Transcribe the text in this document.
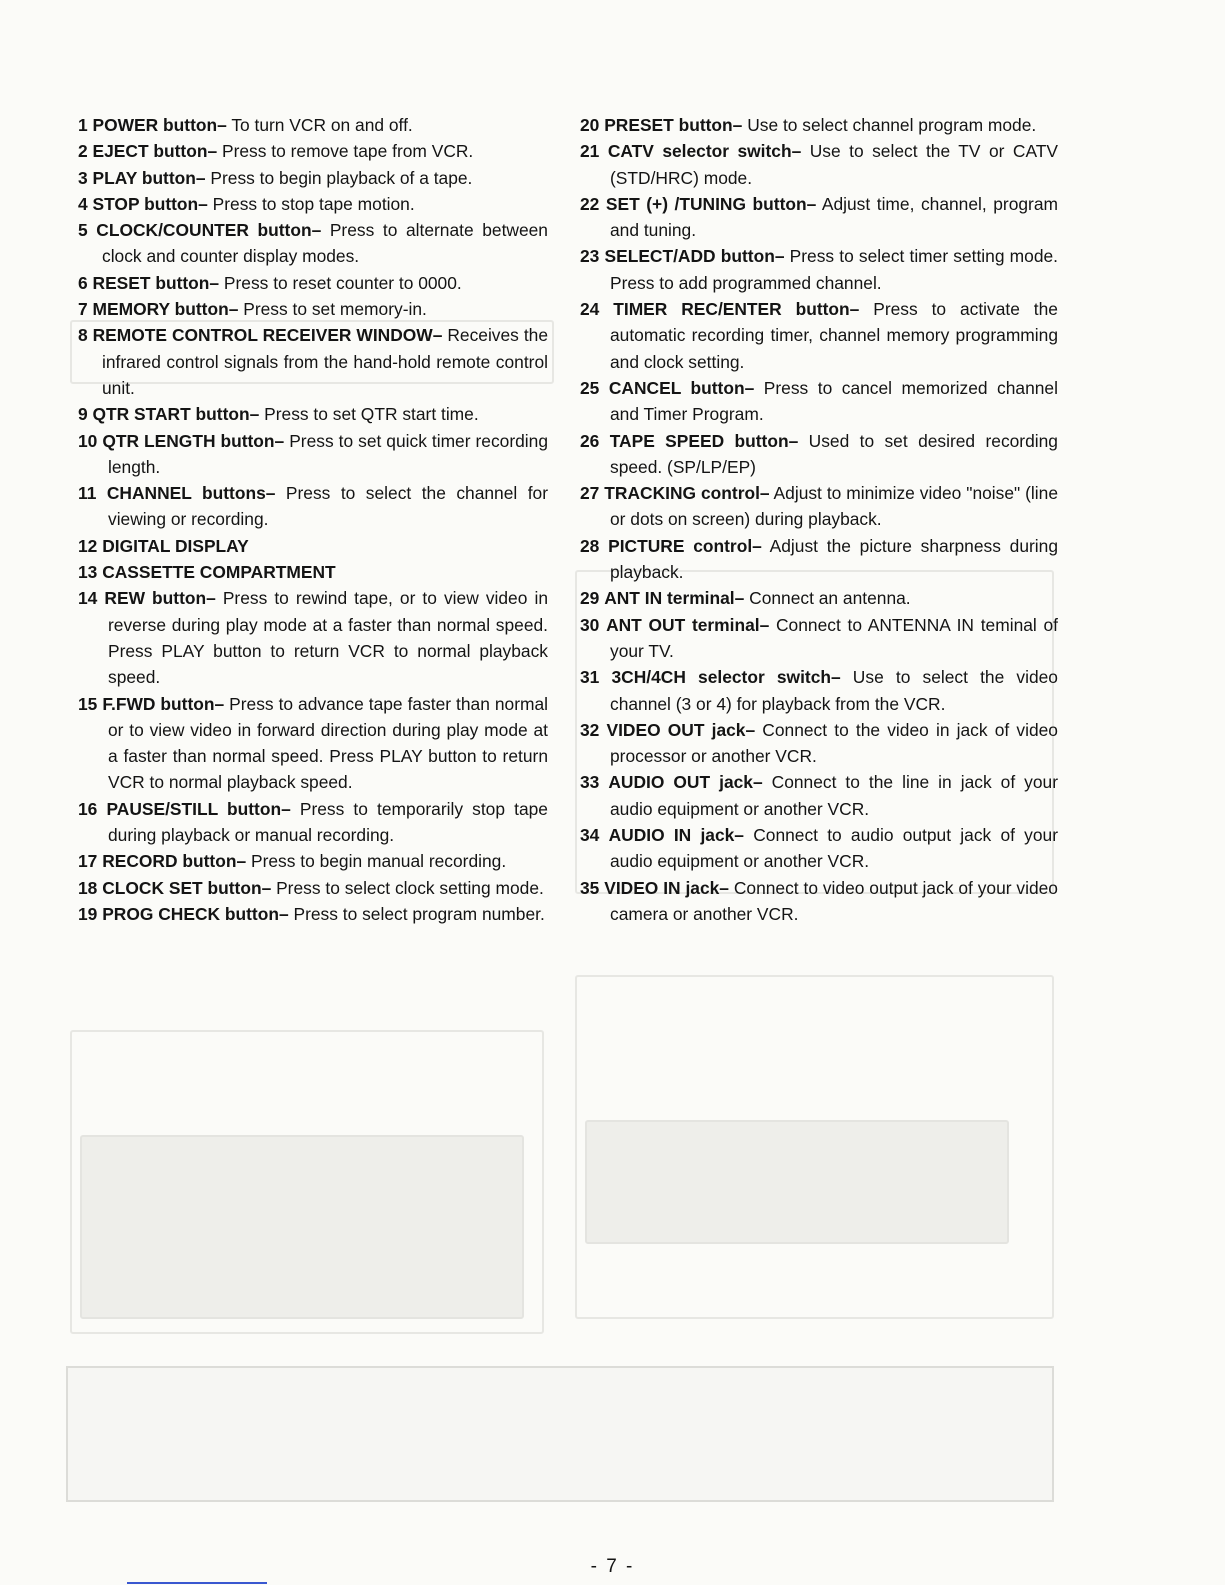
1 POWER button– To turn VCR on and off.

2 EJECT button– Press to remove tape from VCR.

3 PLAY button– Press to begin playback of a tape.

4 STOP button– Press to stop tape motion.

5 CLOCK/COUNTER button– Press to alternate between clock and counter display modes.

6 RESET button– Press to reset counter to 0000.

7 MEMORY button– Press to set memory-in.

8 REMOTE CONTROL RECEIVER WINDOW– Receives the infrared control signals from the hand-hold remote control unit.

9 QTR START button– Press to set QTR start time.

10 QTR LENGTH button– Press to set quick timer recording length.

11 CHANNEL buttons– Press to select the channel for viewing or recording.

12 DIGITAL DISPLAY

13 CASSETTE COMPARTMENT

14 REW button– Press to rewind tape, or to view video in reverse during play mode at a faster than normal speed. Press PLAY button to return VCR to normal playback speed.

15 F.FWD button– Press to advance tape faster than normal or to view video in forward direction during play mode at a faster than normal speed. Press PLAY button to return VCR to normal playback speed.

16 PAUSE/STILL button– Press to temporarily stop tape during playback or manual recording.

17 RECORD button– Press to begin manual recording.

18 CLOCK SET button– Press to select clock setting mode.

19 PROG CHECK button– Press to select program number.

20 PRESET button– Use to select channel program mode.

21 CATV selector switch– Use to select the TV or CATV (STD/HRC) mode.

22 SET (+) /TUNING button– Adjust time, channel, program and tuning.

23 SELECT/ADD button– Press to select timer setting mode. Press to add programmed channel.

24 TIMER REC/ENTER button– Press to activate the automatic recording timer, channel memory programming and clock setting.

25 CANCEL button– Press to cancel memorized channel and Timer Program.

26 TAPE SPEED button– Used to set desired recording speed. (SP/LP/EP)

27 TRACKING control– Adjust to minimize video "noise" (line or dots on screen) during playback.

28 PICTURE control– Adjust the picture sharpness during playback.

29 ANT IN terminal– Connect an antenna.

30 ANT OUT terminal– Connect to ANTENNA IN teminal of your TV.

31 3CH/4CH selector switch– Use to select the video channel (3 or 4) for playback from the VCR.

32 VIDEO OUT jack– Connect to the video in jack of video processor or another VCR.

33 AUDIO OUT jack– Connect to the line in jack of your audio equipment or another VCR.

34 AUDIO IN jack– Connect to audio output jack of your audio equipment or another VCR.

35 VIDEO IN jack– Connect to video output jack of your video camera or another VCR.

- 7 -
